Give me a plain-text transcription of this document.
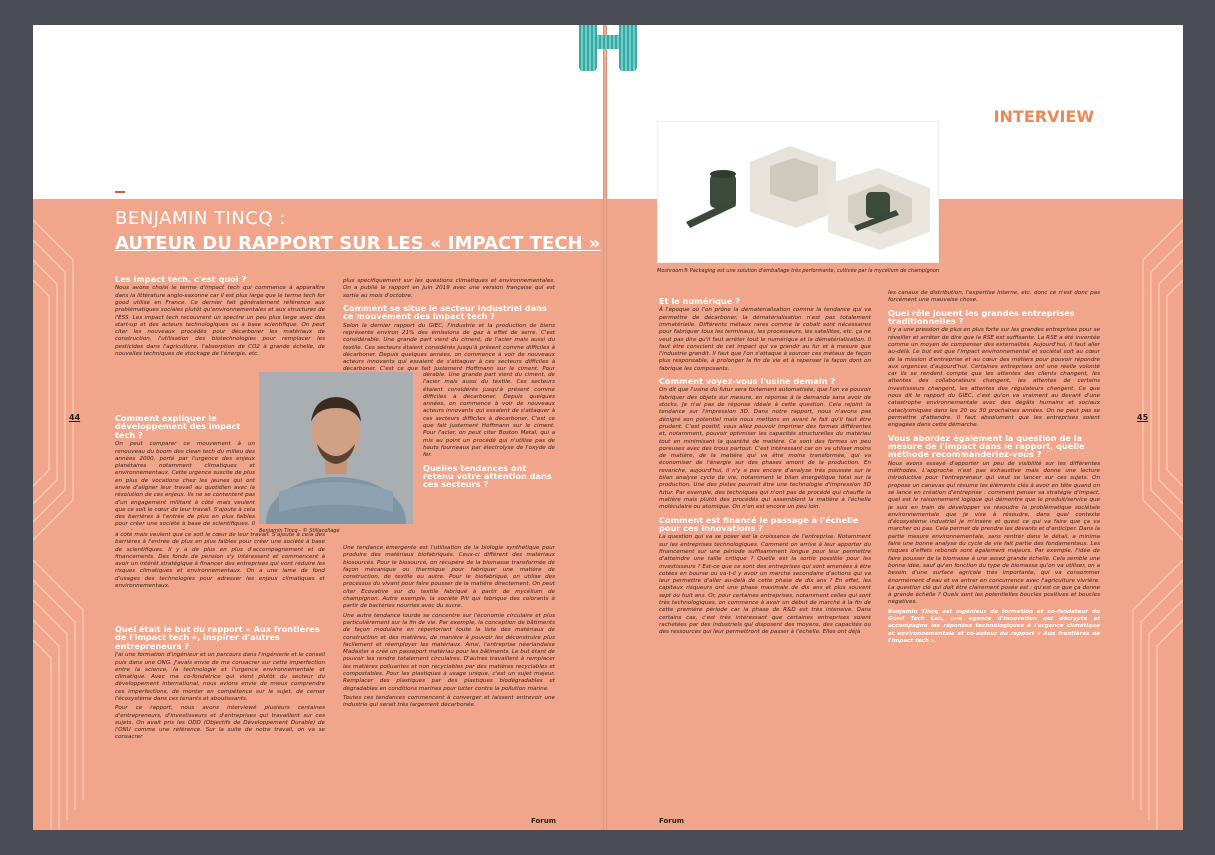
BENJAMIN TINCQ :
AUTEUR DU RAPPORT SUR LES « IMPACT TECH »
Les impact tech, c'est quoi ?

Nous avons choisi le terme d'impact tech qui commence à apparaître dans la littérature anglo-saxonne car il est plus large que le terme tech for good utilisé en France. Ce dernier fait généralement référence aux problématiques sociales plutôt qu'environnementales et aux structures de l'ESS. Les impact tech recouvrent un spectre un peu plus large avec des start-up et des acteurs technologiques ou à base scientifique. On peut citer les nouveaux procédés pour décarboner les matériaux de construction, l'utilisation des biotechnologies pour remplacer les pesticides dans l'agriculture, l'absorption de CO2 à grande échelle, de nouvelles techniques de stockage de l'énergie, etc.

Comment expliquer le développement des impact tech ?

On peut comparer ce mouvement à un renouveau du boom des clean tech du milieu des années 2000, porté par l'urgence des enjeux planétaires notamment climatiques et environnementaux. Cette urgence suscite de plus en plus de vocations chez les jeunes qui ont envie d'aligner leur travail au quotidien avec la résolution de ces enjeux. Ils ne se contentent pas d'un engagement militant à côté mais veulent que ce soit le cœur de leur travail. S'ajoute à cela des barrières à l'entrée de plus en plus faibles pour créer une société à base de scientifiques. Il

à côté mais veulent que ce soit le cœur de leur travail. S'ajoute à cela des barrières à l'entrée de plus en plus faibles pour créer une société à base de scientifiques. Il y a de plus en plus d'accompagnement et de financements. Des fonds de pension s'y intéressent et commencent à avoir un intérêt stratégique à financer des entreprises qui vont réduire les risques climatiques et environnementaux. On a une lame de fond d'usages des technologies pour adresser les enjeux climatiques et environnementaux.

Quel était le but du rapport « Aux frontières de l'impact tech », inspirer d'autres entrepreneurs ?

J'ai une formation d'ingénieur et un parcours dans l'ingénierie et le conseil puis dans une ONG. J'avais envie de me consacrer sur cette imperfection entre la science, la technologie et l'urgence environnementale et climatique. Avec ma co-fondatrice qui vient plutôt du secteur du développement international, nous avions envie de mieux comprendre ces imperfections, de monter en compétence sur le sujet, de cerner l'écosystème dans ces tenants et aboutissants.

Pour ce rapport, nous avons interviewé plusieurs centaines d'entrepreneurs, d'investisseurs et d'entreprises qui travaillent sur ces sujets. On avait pris les ODD (Objectifs de Développement Durable) de l'ONU comme une référence. Sur la suite de notre travail, on va se consacrer

plus spécifiquement sur les questions climatiques et environnementales. On a publié le rapport en juin 2019 avec une version française qui est sortie au mois d'octobre.

Comment se situe le secteur industriel dans ce mouvement des impact tech ?

Selon le dernier rapport du GIEC, l'industrie et la production de biens représente environ 21% des émissions de gaz à effet de serre. C'est considérable. Une grande part vient du ciment, de l'acier mais aussi du textile. Ces secteurs étaient considérés jusqu'à présent comme difficiles à décarboner. Depuis quelques années, on commence à voir de nouveaux acteurs innovants qui essaient de s'attaquer à ces secteurs difficiles à décarboner. C'est ce que fait justement Hoffmann sur le ciment. Pour

dérable. Une grande part vient du ciment, de l'acier mais aussi du textile. Ces secteurs étaient considérés jusqu'à présent comme difficiles à décarboner. Depuis quelques années, on commence à voir de nouveaux acteurs innovants qui essaient de s'attaquer à ces secteurs difficiles à décarboner. C'est ce que fait justement Hoffmann sur le ciment. Pour l'acier, on peut citer Boston Metal, qui a mis au point un procédé qui n'utilise pas de hauts fourneaux par électrolyse de l'oxyde de fer.

Quelles tendances ont retenu votre attention dans ces secteurs ?

Une tendance émergente est l'utilisation de la biologie synthétique pour produire des matériaux biofabriqués. Ceux-ci diffèrent des matériaux biosourcés. Pour le biosourcé, on récupère de la biomasse transformée de façon mécanique ou thermique pour fabriquer une matière de construction, de textile ou autre. Pour le biofabriqué, on utilise des processus du vivant pour faire pousser de la matière directement. On peut citer Ecovative sur du textile fabriqué à partir de mycélium de champignon. Autre exemple, la société Pili qui fabrique des colorants à partir de bactéries nourries avec du sucre.

Une autre tendance lourde se concentre sur l'économie circulaire et plus particulièrement sur la fin de vie. Par exemple, la conception de bâtiments de façon modulaire en répertoriant toute la liste des matériaux de construction et des matières, de manière à pouvoir les déconstruire plus facilement et réemployer les matériaux. Ainsi, l'entreprise néerlandaise Madaster a créé un passeport matériau pour les bâtiments. Le but étant de pouvoir les rendre totalement circulaires. D'autres travaillent à remplacer les matières polluantes et non recyclables par des matières recyclables et compostables. Pour les plastiques à usage unique, c'est un sujet majeur. Remplacer des plastiques par des plastiques biodégradables et dégradables en conditions marines pour lutter contre la pollution marine.

Toutes ces tendances commencent à converger et laissent entrevoir une industrie qui serait très largement décarbonée.

Benjamin Tincq - © Stillacollagé
44
Forum
INTERVIEW
Moshroom® Packaging est une solution d'emballage très performante, cultivée par la mycélium de champignon
Et le numérique ?

À l'époque où l'on prône la dématérialisation comme la tendance qui va permettre de décarboner, la dématérialisation n'est pas totalement immatérielle. Différents métaux rares comme le cobalt sont nécessaires pour fabriquer tous les terminaux, les processeurs, les satellites, etc. ça ne veut pas dire qu'il faut arrêter tout le numérique et la dématérialisation. Il faut être conscient de cet impact qui va grandir au fur et à mesure que l'industrie grandit. Il faut que l'on s'attaque à sourcer ces métaux de façon plus responsable, à prolonger la fin de vie et à repenser la façon dont on fabrique les composants.

Comment voyez-vous l'usine demain ?

On dit que l'usine du futur sera fortement automatisée, que l'on va pouvoir fabriquer des objets sur mesure, en réponse à la demande sans avoir de stocks. Je n'ai pas de réponse idéale à cette question. Cela rejoint la tendance sur l'impression 3D. Dans notre rapport, nous n'avons pas dénigré son potentiel mais nous mettons en avant le fait qu'il faut être prudent. C'est positif, vous allez pouvoir imprimer des formes différentes et, notamment, pouvoir optimiser les capacités structurelles du matériau tout en minimisant la quantité de matière. Ce sont des formes un peu poreuses avec des trous partout. C'est intéressant car on va utiliser moins de matière, de la matière qui va être moins transformée, qui va économiser de l'énergie sur des phases amont de la production. En revanche, aujourd'hui, il n'y a pas encore d'analyse très poussée sur le bilan analyse cycle de vie, notamment le bilan énergétique total sur la production. Une des pistes pourrait être une technologie d'impression 3D futur. Par exemple, des techniques qui n'ont pas de procédé qui chauffe la matière mais plutôt des procédés qui assemblent la matière à l'échelle moléculaire ou atomique. On n'en est encore un peu loin.

Comment est financé le passage à l'échelle pour ces innovations ?

La question qui va se poser est la croissance de l'entreprise. Notamment sur les entreprises technologiques. Comment on arrive à leur apporter du financement sur une période suffisamment longue pour leur permettre d'atteindre une taille critique ? Quelle est la sortie possible pour les investisseurs ? Est-ce que ce sont des entreprises qui sont amenées à être cotées en bourse ou va-t-il y avoir un marché secondaire d'actions qui va leur permettre d'aller au-delà de cette phase de dix ans ? En effet, les capitaux risqueurs ont une phase maximale de dix ans et plus souvent sept ou huit ans. Or, pour certaines entreprises, notamment celles qui sont très technologiques, on commence à avoir un début de marché à la fin de cette première période car la phase de R&D est très intensive. Dans certains cas, c'est très intéressant que certaines entreprises soient rachetées par des industriels qui disposent des moyens, des capacités ou des ressources qui leur permettront de passer à l'échelle. Elles ont déjà

les canaux de distribution, l'expertise interne, etc. donc ce n'est donc pas forcément une mauvaise chose.

Quel rôle jouent les grandes entreprises traditionnelles ?

Il y a une pression de plus en plus forte sur les grandes entreprises pour se réveiller et arrêter de dire que la RSE est suffisante. La RSE a été inventée comme un moyen de compenser des externalités. Aujourd'hui, il faut aller au-delà. Le but est que l'impact environnemental et sociétal soit au cœur de la mission d'entreprise et au cœur des métiers pour pouvoir répondre aux urgences d'aujourd'hui. Certaines entreprises ont une réelle volonté car ils se rendent compte que les attentes des clients changent, les attentes des collaborateurs changent, les attentes de certains investisseurs changent, les attentes des régulateurs changent. Ce que nous dit le rapport du GIEC, c'est qu'on va vraiment au devant d'une catastrophe environnementale avec des dégâts humains et sociaux cataclysmiques dans les 20 ou 30 prochaines années. On ne peut pas se permettre d'attendre. Il faut absolument que les entreprises soient engagées dans cette démarche.

Vous abordez également la question de la mesure de l'impact dans le rapport, quelle méthode recommanderiez-vous ?

Nous avons essayé d'apporter un peu de visibilité sur les différentes méthodes. L'approche n'est pas exhaustive mais donne une lecture introductive pour l'entrepreneur qui veut se lancer sur ces sujets. On propose un canevas qui résume les éléments clés à avoir en tête quand on se lance en création d'entreprise : comment penser sa stratégie d'impact, quel est le raisonnement logique qui démontre que le produit/service que je suis en train de développer va résoudre la problématique sociétale environnementale que je vise à résoudre, dans quel contexte d'écosystème industriel je m'insère et quest ce qui va faire que ça va marcher ou pas. Cela permet de prendre les devants et d'anticiper. Dans la partie mesure environnementale, sans rentrer dans le détail, a minima faire une bonne analyse du cycle de vie fait partie des fondamentaux. Les risques d'effets rebonds sont également majeurs. Par exemple, l'idée de faire pousser de la biomasse à une assez grande échelle. Cela semble une bonne idée, sauf qu'en fonction du type de biomasse qu'on va utiliser, on a besoin d'une surface agricole très importante, qui va consommer énormément d'eau et va entrer en concurrence avec l'agriculture vivrière. La question clé qui doit être clairement posée est : qu'est ce que ça donne à grande échelle ? Quels sont les potentielles boucles positives et boucles négatives.

Benjamin Tincq est ingénieur de formation et co-fondateur du Good Tech Lab, une agence d'innovation qui décrypte et accompagne les réponses technologiques à l'urgence climatique et environnementale et co-auteur du rapport « Aux frontières de l'impact tech ».

45
Forum
